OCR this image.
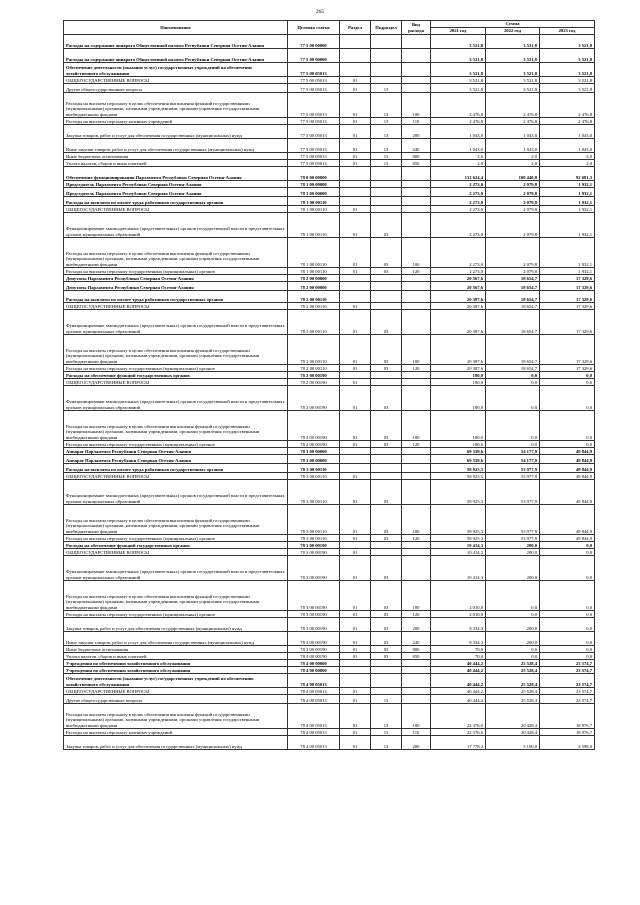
265
Наименование	Целевая статья	Раздел	Подраздел	Вид расхода	Сумма		
					2021 год	2022 год	2023 год
Расходы на содержание аппарата Общественной палаты Республики Северная Осетия-Алания	77 5 00 00000				3 521,8	3 521,8	3 521,8
Расходы на содержание аппарата Общественной палаты Республики Северная Осетия-Алания	77 5 00 00000				3 521,8	3 521,8	3 521,8
Обеспечение деятельности (оказание услуг) государственных учреждений на обеспечение хозяйственного обслуживания	77 5 00 05013				3 521,8	3 521,8	3 521,8
ОБЩЕГОСУДАРСТВЕННЫЕ ВОПРОСЫ	77 5 00 05013	01			3 521,8	3 521,8	3 521,8
Другие общегосударственные вопросы	77 5 00 05013	01	13		3 521,8	3 521,8	3 521,8
Расходы на выплаты персоналу в целях обеспечения выполнения функций государственными (муниципальными) органами, казенными учреждениями, органами управления государственными внебюджетными фондами	77 5 00 05013	01	13	100	2 476,8	2 476,8	2 476,8
Расходы на выплаты персоналу казенных учреждений	77 5 00 05013	01	13	110	2 476,8	2 476,8	2 476,8
Закупка товаров, работ и услуг для обеспечения государственных (муниципальных) нужд	77 5 00 05013	01	13	200	1 043,0	1 043,0	1 043,0
Иные закупки товаров, работ и услуг для обеспечения государственных (муниципальных) нужд	77 5 00 05013	01	13	240	1 043,0	1 043,0	1 043,0
Иные бюджетные ассигнования	77 5 00 05013	01	13	800	2,0	2,0	2,0
Уплата налогов, сборов и иных платежей	77 5 00 05013	01	13	850	2,0	2,0	2,0
Обеспечение функционирования Парламента Республики Северная Осетия-Алания	78 0 00 00000				132 624,4	100 440,8	92 681,3
Председатель Парламента Республики Северная Осетия-Алания	78 1 00 00000				2 273,0	2 079,8	1 932,1
Председатель Парламента Республики Северная Осетия-Алания	78 1 00 00000				2 273,0	2 079,8	1 932,1
Расходы на выплаты по оплате труда работников государственных органов	78 1 00 00110				2 273,0	2 079,8	1 932,1
ОБЩЕГОСУДАРСТВЕННЫЕ ВОПРОСЫ	78 1 00 00110	01			2 273,0	2 079,8	1 932,1
Функционирование законодательных (представительных) органов государственной власти и представительных органов муниципальных образований	78 1 00 00110	01	03		2 273,0	2 079,8	1 932,1
Расходы на выплаты персоналу в целях обеспечения выполнения функций государственными (муниципальными) органами, казенными учреждениями, органами управления государственными внебюджетными фондами	78 1 00 00110	01	03	100	2 273,0	2 079,8	1 932,1
Расходы на выплаты персоналу государственных (муниципальных) органов	78 1 00 00110	01	03	120	2 273,0	2 079,8	1 932,1
Депутаты Парламента Республики Северная Осетия-Алания	78 2 00 00000				20 567,6	18 654,7	17 329,6
Депутаты Парламента Республики Северная Осетия-Алания	78 2 00 00000				20 567,6	18 654,7	17 329,6
Расходы на выплаты по оплате труда работников государственных органов	78 2 00 00110				20 387,6	18 654,7	17 329,6
ОБЩЕГОСУДАРСТВЕННЫЕ ВОПРОСЫ	78 2 00 00110	01			20 387,6	18 654,7	17 329,6
Функционирование законодательных (представительных) органов государственной власти и представительных органов муниципальных образований	78 2 00 00110	01	03		20 387,6	18 654,7	17 329,6
Расходы на выплаты персоналу в целях обеспечения выполнения функций государственными (муниципальными) органами, казенными учреждениями, органами управления государственными внебюджетными фондами	78 2 00 00110	01	03	100	20 387,6	18 654,7	17 329,6
Расходы на выплаты персоналу государственных (муниципальных) органов	78 2 00 00110	01	03	120	20 387,6	18 654,7	17 329,6
Расходы на обеспечение функций государственных органов	78 2 00 00190				180,0	0,0	0,0
ОБЩЕГОСУДАРСТВЕННЫЕ ВОПРОСЫ	78 2 00 00190	01			180,0	0,0	0,0
Функционирование законодательных (представительных) органов государственной власти и представительных органов муниципальных образований	78 2 00 00190	01	03		180,0	0,0	0,0
Расходы на выплаты персоналу в целях обеспечения выполнения функций государственными (муниципальными) органами, казенными учреждениями, органами управления государственными внебюджетными фондами	78 2 00 00190	01	03	100	180,0	0,0	0,0
Расходы на выплаты персоналу государственных (муниципальных) органов	78 2 00 00190	01	03	120	180,0	0,0	0,0
Аппарат Парламента Республики Северная Осетия-Алания	78 3 00 00000				69 339,6	54 177,9	49 844,9
Аппарат Парламента Республики Северная Осетия-Алания	78 3 00 00000				69 339,6	54 177,9	49 844,9
Расходы на выплаты по оплате труда работников государственных органов	78 3 00 00110				58 925,3	53 977,9	49 844,9
ОБЩЕГОСУДАРСТВЕННЫЕ ВОПРОСЫ	78 3 00 00110	01			58 925,3	53 977,9	49 844,9
Функционирование законодательных (представительных) органов государственной власти и представительных органов муниципальных образований	78 3 00 00110	01	03		58 925,3	53 977,9	49 844,9
Расходы на выплаты персоналу в целях обеспечения выполнения функций государственными (муниципальными) органами, казенными учреждениями, органами управления государственными внебюджетными фондами	78 3 00 00110	01	03	100	58 925,3	53 977,9	49 844,9
Расходы на выплаты персоналу государственных (муниципальных) органов	78 3 00 00110	01	03	120	58 925,3	53 977,9	49 844,9
Расходы на обеспечение функций государственных органов	78 3 00 00190				10 414,3	200,0	0,0
ОБЩЕГОСУДАРСТВЕННЫЕ ВОПРОСЫ	78 3 00 00190	01			10 414,3	200,0	0,0
Функционирование законодательных (представительных) органов государственной власти и представительных органов муниципальных образований	78 3 00 00190	01	03		10 414,3	200,0	0,0
Расходы на выплаты персоналу в целях обеспечения выполнения функций государственными (муниципальными) органами, казенными учреждениями, органами управления государственными внебюджетными фондами	78 3 00 00190	01	03	100	2 010,0	0,0	0,0
Расходы на выплаты персоналу государственных (муниципальных) органов	78 3 00 00190	01	03	120	2 010,0	0,0	0,0
Закупка товаров, работ и услуг для обеспечения государственных (муниципальных) нужд	78 3 00 00190	01	03	200	8 334,3	200,0	0,0
Иные закупки товаров, работ и услуг для обеспечения государственных (муниципальных) нужд	78 3 00 00190	01	03	240	8 334,3	200,0	0,0
Иные бюджетные ассигнования	78 3 00 00190	01	03	800	70,0	0,0	0,0
Уплата налогов, сборов и иных платежей	78 3 00 00190	01	03	850	70,0	0,0	0,0
Учреждения по обеспечению хозяйственного обслуживания	78 4 00 00000				40 444,2	25 528,4	23 574,7
Учреждения по обеспечению хозяйственного обслуживания	78 4 00 00000				40 444,2	25 528,4	23 574,7
Обеспечение деятельности (оказание услуг) государственных учреждений по обеспечению хозяйственного обслуживания	78 4 00 05013				40 444,2	25 528,4	23 574,7
ОБЩЕГОСУДАРСТВЕННЫЕ ВОПРОСЫ	78 4 00 05013	01			40 444,2	25 528,4	23 574,7
Другие общегосударственные вопросы	78 4 00 05013	01	13		40 444,2	25 528,4	23 574,7
Расходы на выплаты персоналу в целях обеспечения выполнения функций государственными (муниципальными) органами, казенными учреждениями, органами управления государственными внебюджетными фондами	78 4 00 05013	01	13	100	22 376,0	20 428,4	18 976,7
Расходы на выплаты персоналу казенных учреждений	78 4 00 05013	01	13	110	22 376,0	20 428,4	18 976,7
Закупка товаров, работ и услуг для обеспечения государственных (муниципальных) нужд	78 4 00 05013	01	13	200	17 778,2	5 100,0	4 598,0
